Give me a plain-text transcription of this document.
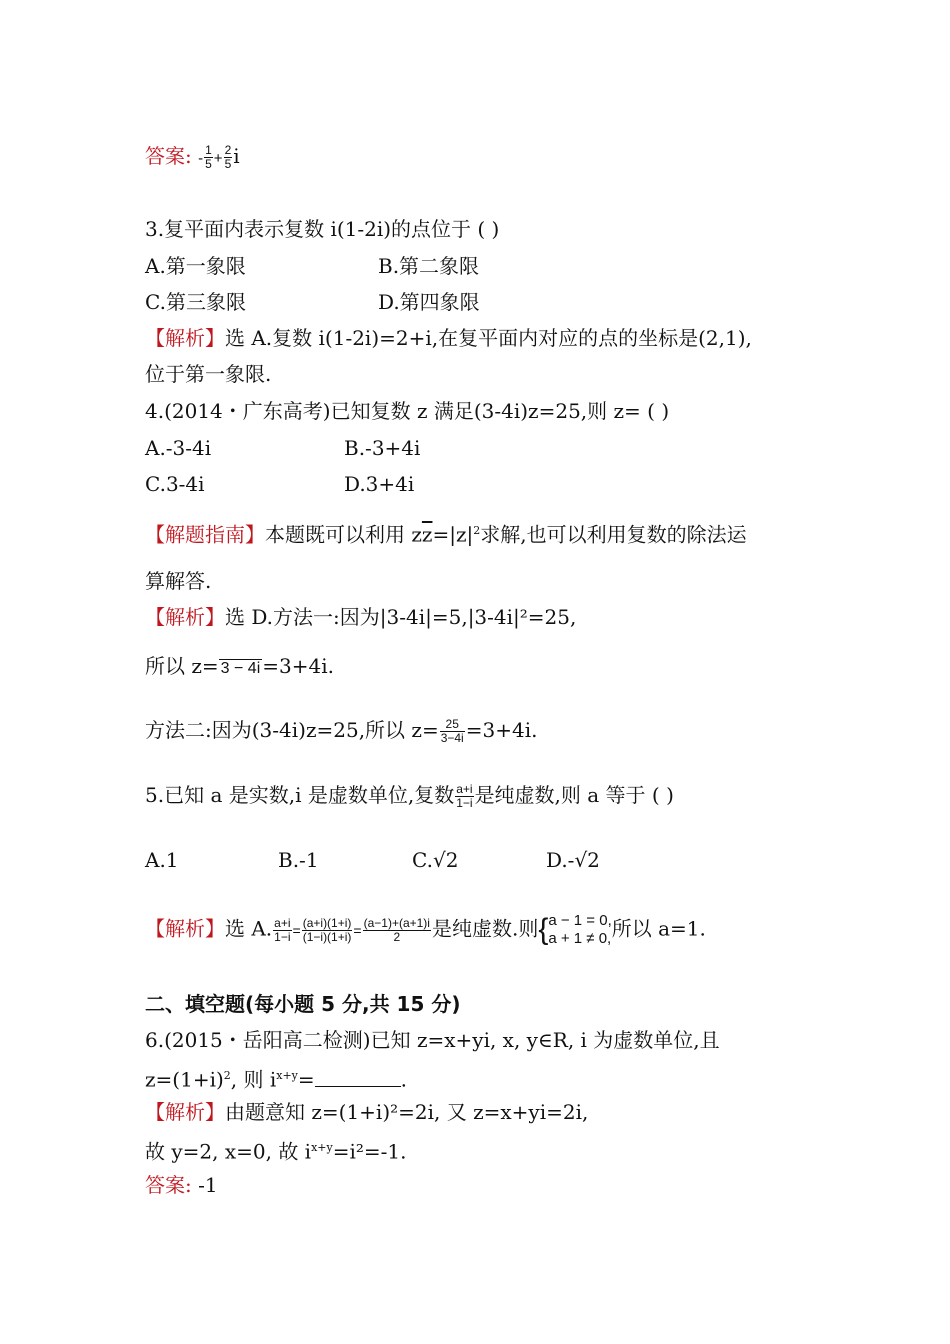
答案: - $\frac{1}{5} + \frac{2}{5}$ i
3.复平面内表示复数 i(1-2i)的点位于 ( )
A.第一象限	B.第二象限
C.第三象限	D.第四象限
【解析】选 A.复数 i(1-2i)=2+i,在复平面内对应的点的坐标是(2,1),
位于第一象限.
4.(2014・广东高考)已知复数 z 满足(3-4i)z=25,则 z= ( )
A.-3-4i	B.-3+4i
C.3-4i	D.3+4i
【解题指南】本题既可以利用 $z\overline{z}=|z|^2$求解,也可以利用复数的除法运
算解答.
【解析】选 D.方法一:因为|3-4i|=5,|3-4i|²=25,
所以 z= 3 − 4i =3+4i.
方法二:因为(3-4i)z=25,所以 $z= \frac{25}{3-4i} =3+4i$.
5.已知 a 是实数,i 是虚数单位,复数 $\frac{a+i}{1-i}$ 是纯虚数,则 a 等于 ( )
A.1	B.-1	C.√2	D.-√2
【解析】选 A. $\frac{a+i}{1-i} = \frac{(a+i)(1+i)}{(1-i)(1+i)} = \frac{(a-1)+(a+1)i}{2}$ 是纯虚数.则{ a − 1 = 0,
a + 1 ≠ 0, 所以 a=1.
二、填空题(每小题 5 分,共 15 分)
6.(2015・岳阳高二检测)已知 z=x+yi, x, y∈R, i 为虚数单位,且
$z=(1+i)^2$, 则 $i^{x+y}=$	.
【解析】由题意知 z=(1+i)²=2i, 又 z=x+yi=2i,
故 y=2, x=0, 故 $i^{x+y}=i^2=-1$.
答案: -1
